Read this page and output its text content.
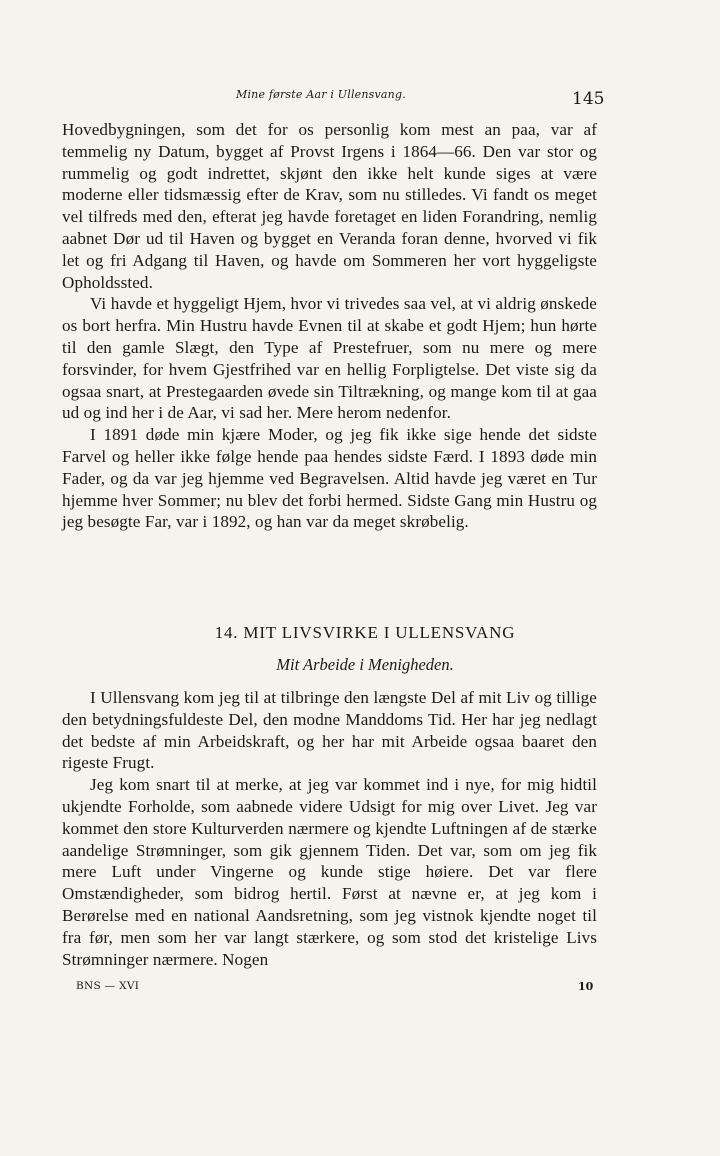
Mine første Aar i Ullensvang.	145

Hovedbygningen, som det for os personlig kom mest an paa, var af temmelig ny Datum, bygget af Provst Irgens i 1864—66. Den var stor og rummelig og godt indrettet, skjønt den ikke helt kunde siges at være moderne eller tidsmæssig efter de Krav, som nu stilledes. Vi fandt os meget vel tilfreds med den, efterat jeg havde foretaget en liden Forandring, nemlig aabnet Dør ud til Haven og bygget en Veranda foran denne, hvorved vi fik let og fri Adgang til Haven, og havde om Sommeren her vort hyggeligste Opholdssted.

Vi havde et hyggeligt Hjem, hvor vi trivedes saa vel, at vi aldrig ønskede os bort herfra. Min Hustru havde Evnen til at skabe et godt Hjem; hun hørte til den gamle Slægt, den Type af Prestefruer, som nu mere og mere forsvinder, for hvem Gjestfrihed var en hellig Forpligtelse. Det viste sig da ogsaa snart, at Prestegaarden øvede sin Tiltrækning, og mange kom til at gaa ud og ind her i de Aar, vi sad her. Mere herom nedenfor.

I 1891 døde min kjære Moder, og jeg fik ikke sige hende det sidste Farvel og heller ikke følge hende paa hendes sidste Færd. I 1893 døde min Fader, og da var jeg hjemme ved Begravelsen. Altid havde jeg været en Tur hjemme hver Sommer; nu blev det forbi hermed. Sidste Gang min Hustru og jeg besøgte Far, var i 1892, og han var da meget skrøbelig.

14. MIT LIVSVIRKE I ULLENSVANG
Mit Arbeide i Menigheden.

I Ullensvang kom jeg til at tilbringe den længste Del af mit Liv og tillige den betydningsfuldeste Del, den modne Manddoms Tid. Her har jeg nedlagt det bedste af min Arbeidskraft, og her har mit Arbeide ogsaa baaret den rigeste Frugt.

Jeg kom snart til at merke, at jeg var kommet ind i nye, for mig hidtil ukjendte Forholde, som aabnede videre Udsigt for mig over Livet. Jeg var kommet den store Kulturverden nærmere og kjendte Luftningen af de stærke aandelige Strømninger, som gik gjennem Tiden. Det var, som om jeg fik mere Luft under Vingerne og kunde stige høiere. Det var flere Omstændigheder, som bidrog hertil. Først at nævne er, at jeg kom i Berørelse med en national Aandsretning, som jeg vistnok kjendte noget til fra før, men som her var langt stærkere, og som stod det kristelige Livs Strømninger nærmere. Nogen

BNS — XVI	10
